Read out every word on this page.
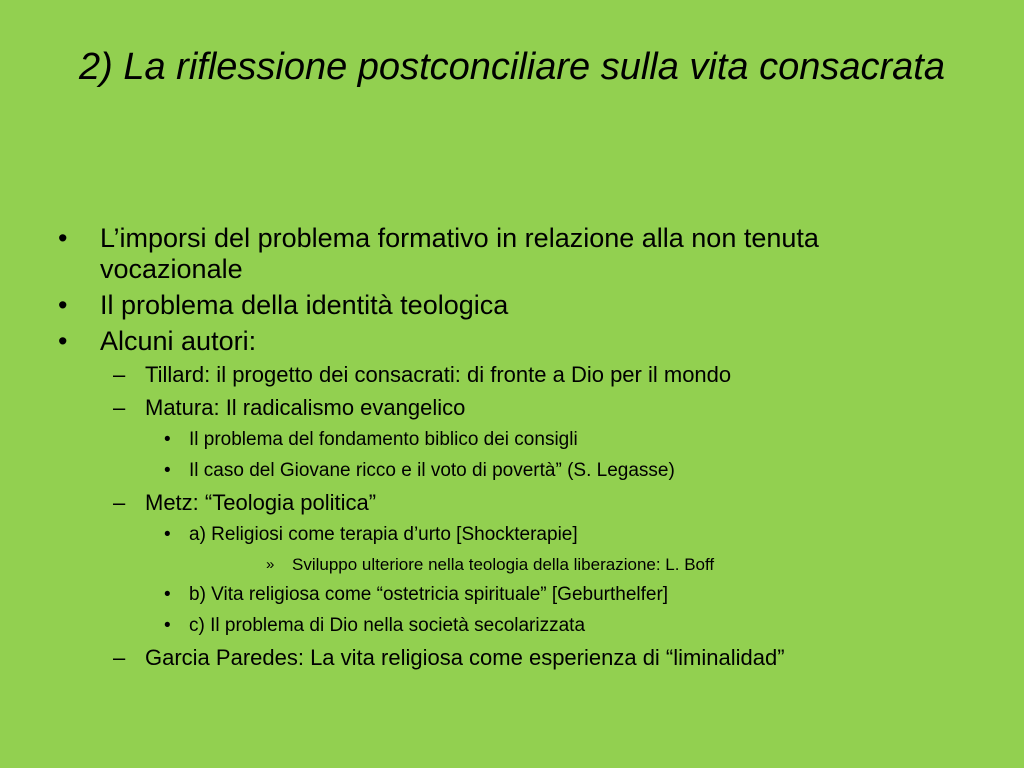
2) La riflessione postconciliare sulla vita consacrata

• L’imporsi del problema formativo in relazione alla non tenuta vocazionale

• Il problema della identità teologica

• Alcuni autori:

– Tillard: il progetto dei consacrati: di fronte a Dio per il mondo

– Matura: Il radicalismo evangelico

• Il problema del fondamento biblico dei consigli

• Il caso del Giovane ricco e il voto di povertà” (S. Legasse)

– Metz: “Teologia politica”

• a) Religiosi come terapia d’urto [Shockterapie]

» Sviluppo ulteriore nella teologia della liberazione: L. Boff

• b) Vita religiosa come “ostetricia spirituale” [Geburthelfer]

• c) Il problema di Dio nella società secolarizzata

– Garcia Paredes: La vita religiosa come esperienza di “liminalidad”
